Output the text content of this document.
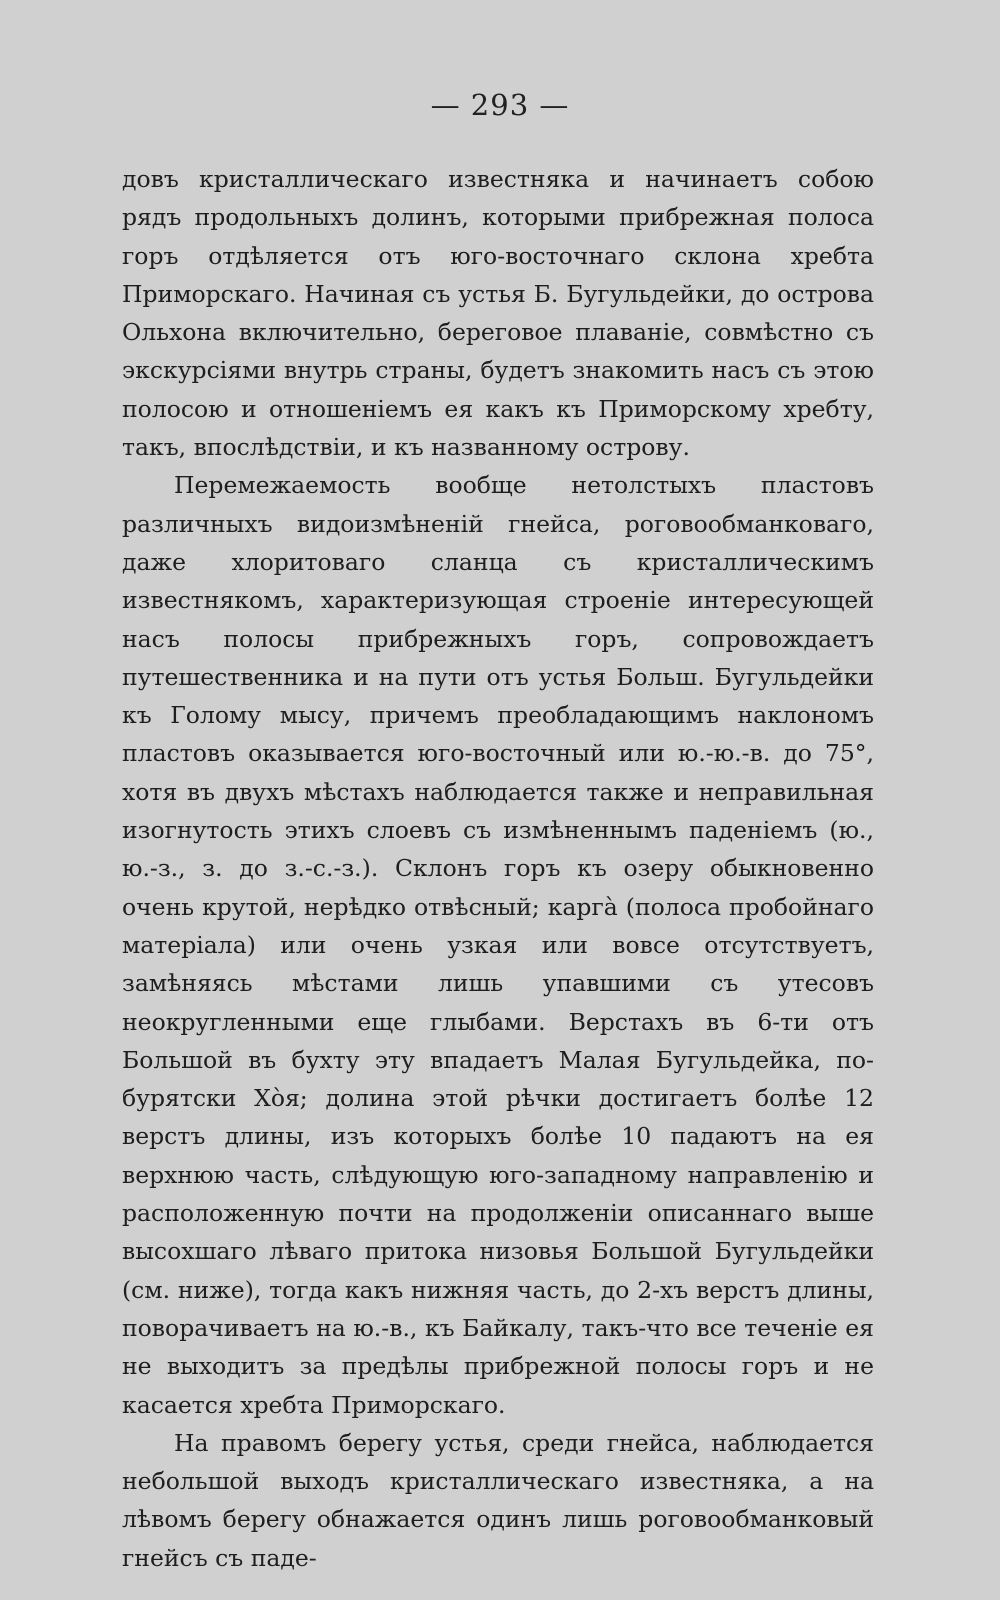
— 293 —

довъ кристаллическаго известняка и начинаетъ собою рядъ продольныхъ долинъ, которыми прибрежная полоса горъ отдѣляется отъ юго-восточнаго склона хребта Приморскаго. Начиная съ устья Б. Бугульдейки, до острова Ольхона включительно, береговое плаваніе, совмѣстно съ экскурсіями внутрь страны, будетъ знакомить насъ съ этою полосою и отношеніемъ ея какъ къ Приморскому хребту, такъ, впослѣдствіи, и къ названному острову.

Перемежаемость вообще нетолстыхъ пластовъ различныхъ видоизмѣненій гнейса, роговообманковаго, даже хлоритоваго сланца съ кристаллическимъ известнякомъ, характеризующая строеніе интересующей насъ полосы прибрежныхъ горъ, сопровождаетъ путешественника и на пути отъ устья Больш. Бугульдейки къ Голому мысу, причемъ преобладающимъ наклономъ пластовъ оказывается юго-восточный или ю.-ю.-в. до 75°, хотя въ двухъ мѣстахъ наблюдается также и неправильная изогнутость этихъ слоевъ съ измѣненнымъ паденіемъ (ю., ю.-з., з. до з.-с.-з.). Склонъ горъ къ озеру обыкновенно очень крутой, нерѣдко отвѣсный; карга̀ (полоса пробойнаго матеріала) или очень узкая или вовсе отсутствуетъ, замѣняясь мѣстами лишь упавшими съ утесовъ неокругленными еще глыбами. Верстахъ въ 6-ти отъ Большой въ бухту эту впадаетъ Малая Бугульдейка, по-бурятски Хо̀я; долина этой рѣчки достигаетъ болѣе 12 верстъ длины, изъ которыхъ болѣе 10 падаютъ на ея верхнюю часть, слѣдующую юго-западному направленію и расположенную почти на продолженіи описаннаго выше высохшаго лѣваго притока низовья Большой Бугульдейки (см. ниже), тогда какъ нижняя часть, до 2-хъ верстъ длины, поворачиваетъ на ю.-в., къ Байкалу, такъ-что все теченіе ея не выходитъ за предѣлы прибрежной полосы горъ и не касается хребта Приморскаго.

На правомъ берегу устья, среди гнейса, наблюдается небольшой выходъ кристаллическаго известняка, а на лѣвомъ берегу обнажается одинъ лишь роговообманковый гнейсъ съ паде-
